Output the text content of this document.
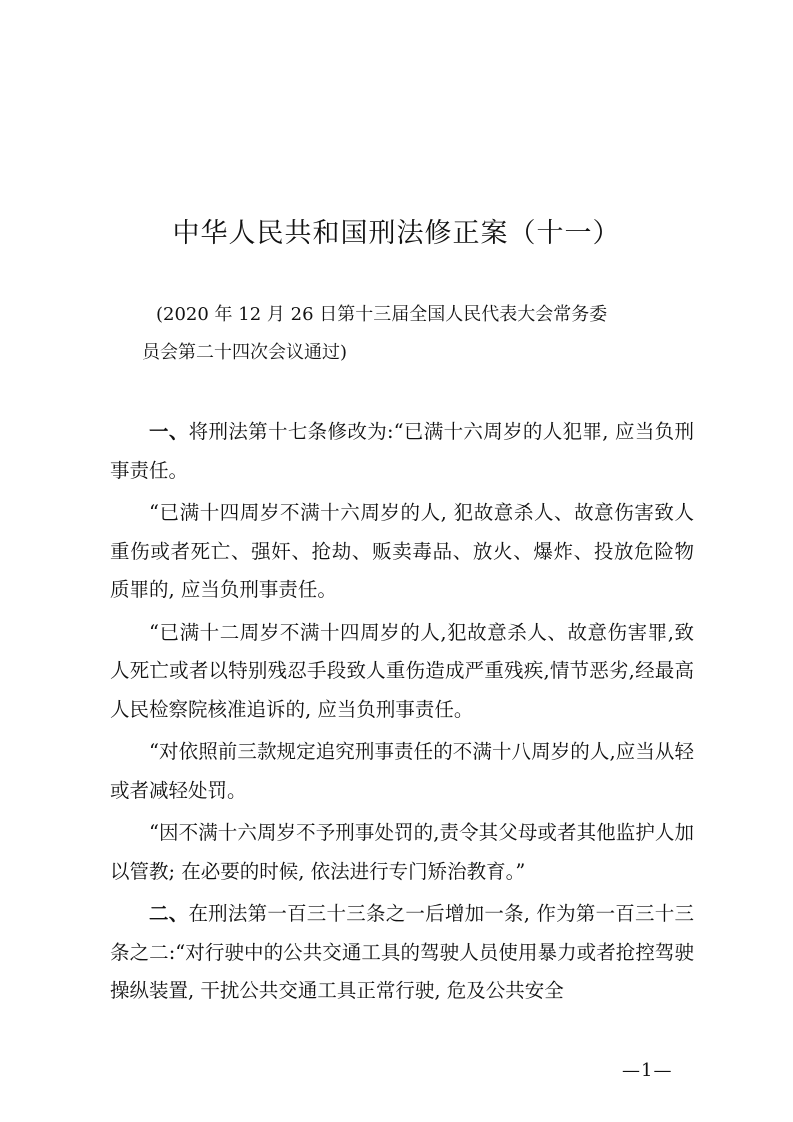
中华人民共和国刑法修正案（十一）
(2020 年 12 月 26 日第十三届全国人民代表大会常务委
员会第二十四次会议通过)

一、将刑法第十七条修改为:“已满十六周岁的人犯罪, 应当负刑事责任。

“已满十四周岁不满十六周岁的人, 犯故意杀人、故意伤害致人重伤或者死亡、强奸、抢劫、贩卖毒品、放火、爆炸、投放危险物质罪的, 应当负刑事责任。

“已满十二周岁不满十四周岁的人,犯故意杀人、故意伤害罪,致人死亡或者以特别残忍手段致人重伤造成严重残疾,情节恶劣,经最高人民检察院核准追诉的, 应当负刑事责任。

“对依照前三款规定追究刑事责任的不满十八周岁的人,应当从轻或者减轻处罚。

“因不满十六周岁不予刑事处罚的,责令其父母或者其他监护人加以管教; 在必要的时候, 依法进行专门矫治教育。”

二、在刑法第一百三十三条之一后增加一条, 作为第一百三十三条之二:“对行驶中的公共交通工具的驾驶人员使用暴力或者抢控驾驶操纵装置, 干扰公共交通工具正常行驶, 危及公共安全

—1—
